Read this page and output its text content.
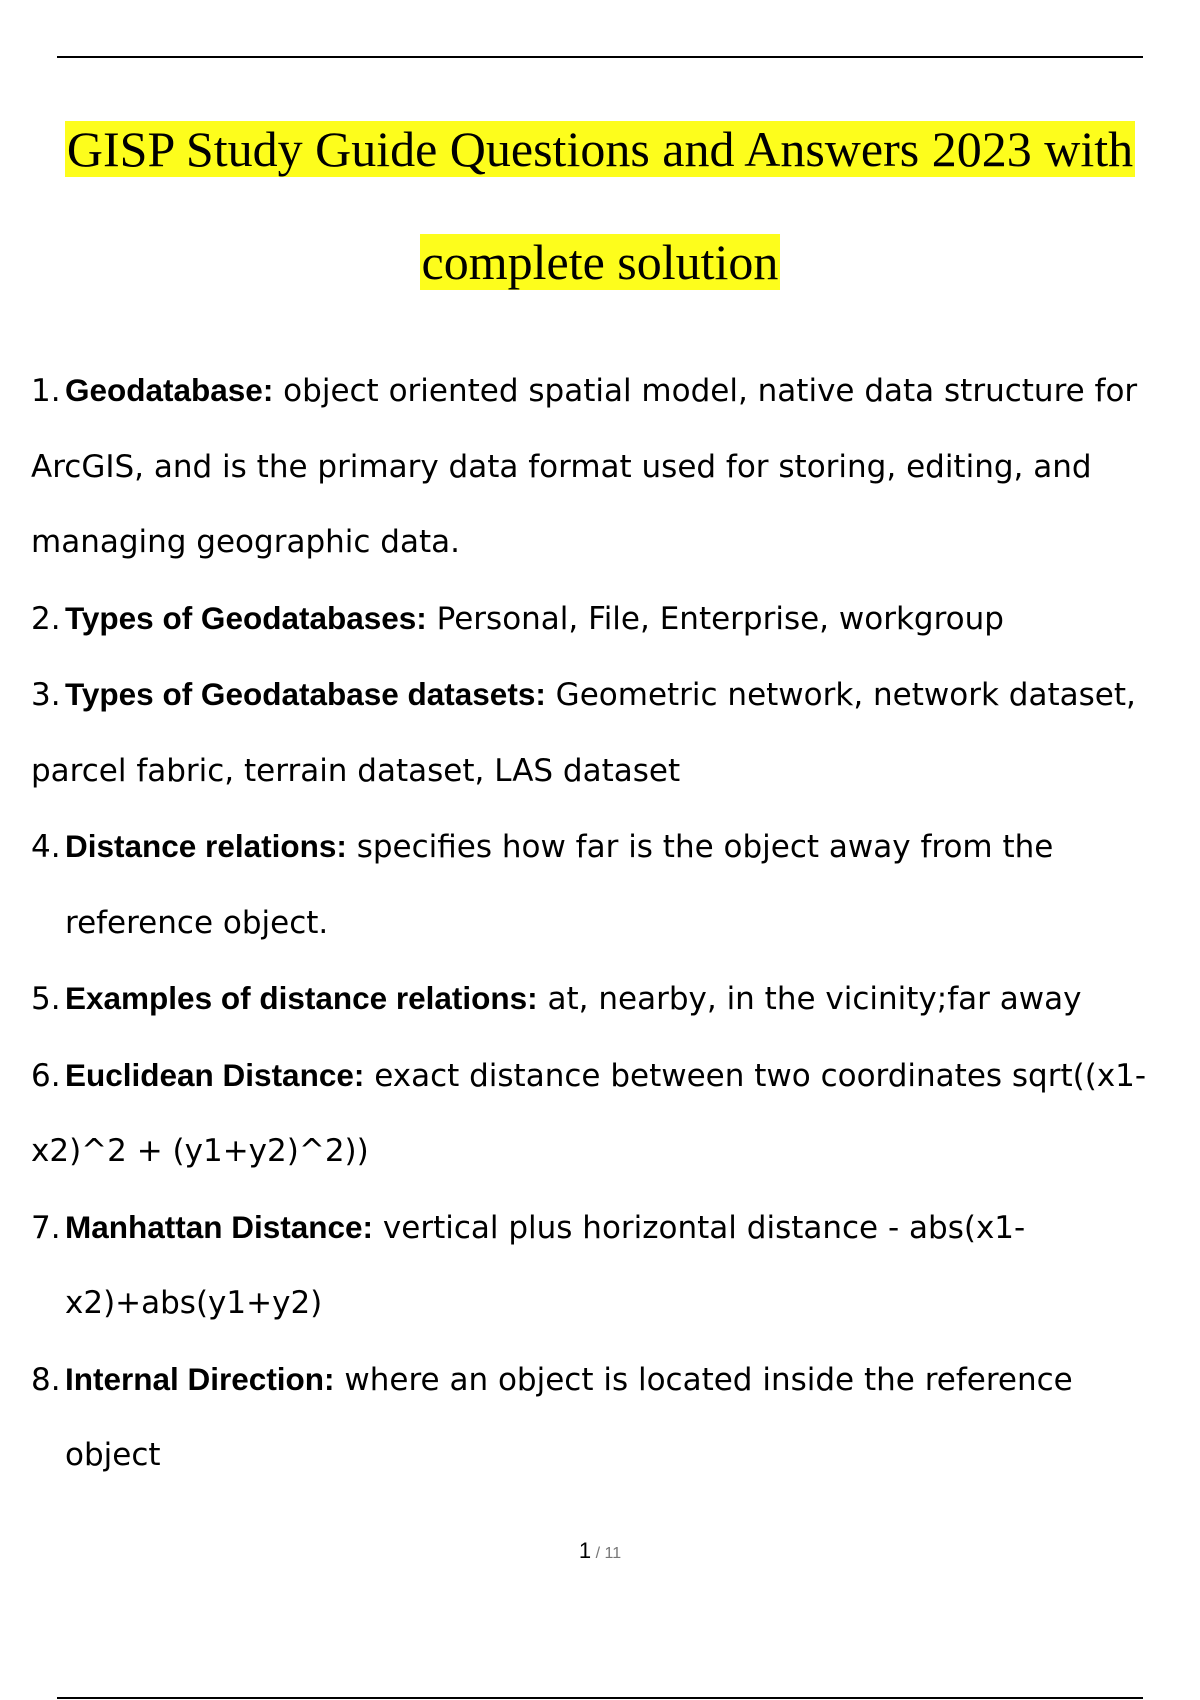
GISP Study Guide Questions and Answers 2023 with
complete solution
1. Geodatabase: object oriented spatial model, native data structure for
ArcGIS, and is the primary data format used for storing, editing, and
managing geographic data.
2. Types of Geodatabases: Personal, File, Enterprise, workgroup
3. Types of Geodatabase datasets: Geometric network, network dataset,
parcel fabric, terrain dataset, LAS dataset
4. Distance relations: specifies how far is the object away from the
reference object.
5. Examples of distance relations: at, nearby, in the vicinity;far away
6. Euclidean Distance: exact distance between two coordinates sqrt((x1-
x2)^2 + (y1+y2)^2))
7. Manhattan Distance: vertical plus horizontal distance - abs(x1-
x2)+abs(y1+y2)
8. Internal Direction: where an object is located inside the reference
object
1 / 11
